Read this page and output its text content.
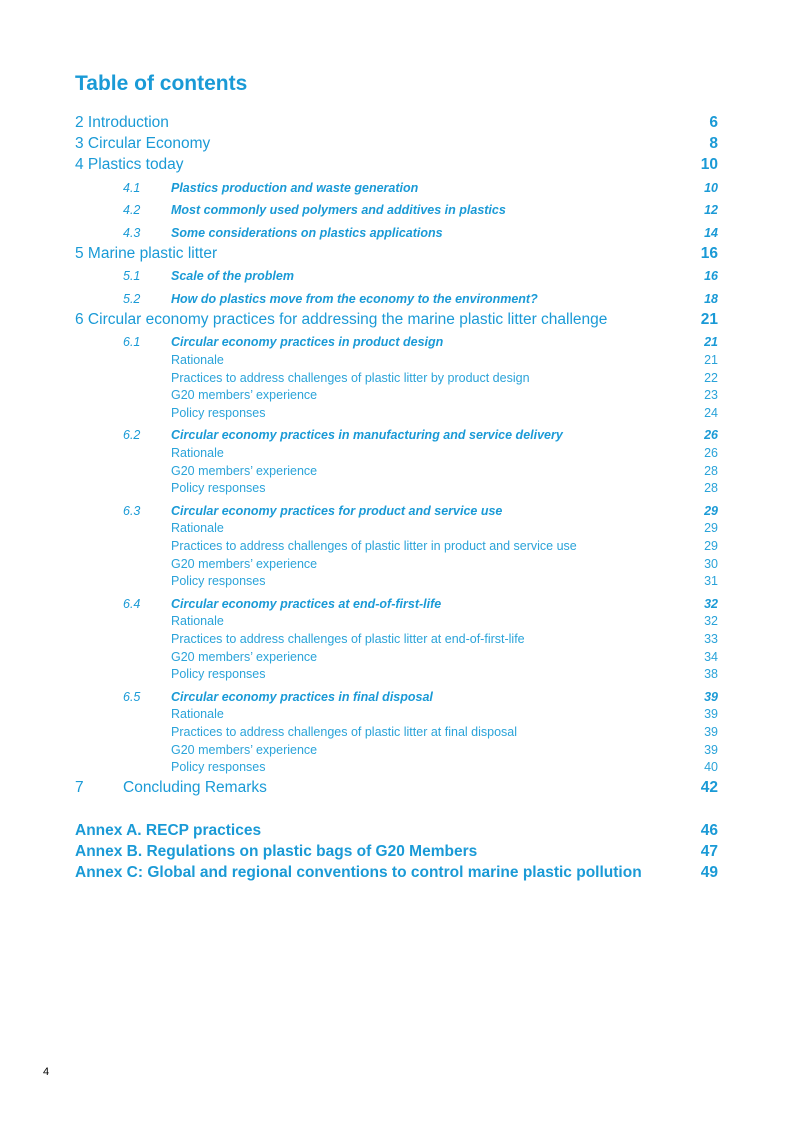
Table of contents
2 Introduction	6
3 Circular Economy	8
4 Plastics today	10
4.1	Plastics production and waste generation	10
4.2	Most commonly used polymers and additives in plastics	12
4.3	Some considerations on plastics applications	14
5 Marine plastic litter	16
5.1	Scale of the problem	16
5.2	How do plastics move from the economy to the environment?	18
6 Circular economy practices for addressing the marine plastic litter challenge	21
6.1	Circular economy practices in product design	21
Rationale	21
Practices to address challenges of plastic litter by product design	22
G20 members’ experience	23
Policy responses	24
6.2	Circular economy practices in manufacturing and service delivery	26
Rationale	26
G20 members’ experience	28
Policy responses	28
6.3	Circular economy practices for product and service use	29
Rationale	29
Practices to address challenges of plastic litter in product and service use	29
G20 members’ experience	30
Policy responses	31
6.4	Circular economy practices at end-of-first-life	32
Rationale	32
Practices to address challenges of plastic litter at end-of-first-life	33
G20 members’ experience	34
Policy responses	38
6.5	Circular economy practices in final disposal	39
Rationale	39
Practices to address challenges of plastic litter at final disposal	39
G20 members’ experience	39
Policy responses	40
7	Concluding Remarks	42
Annex A. RECP practices	46
Annex B. Regulations on plastic bags of G20 Members	47
Annex C: Global and regional conventions to control marine plastic pollution	49
4
